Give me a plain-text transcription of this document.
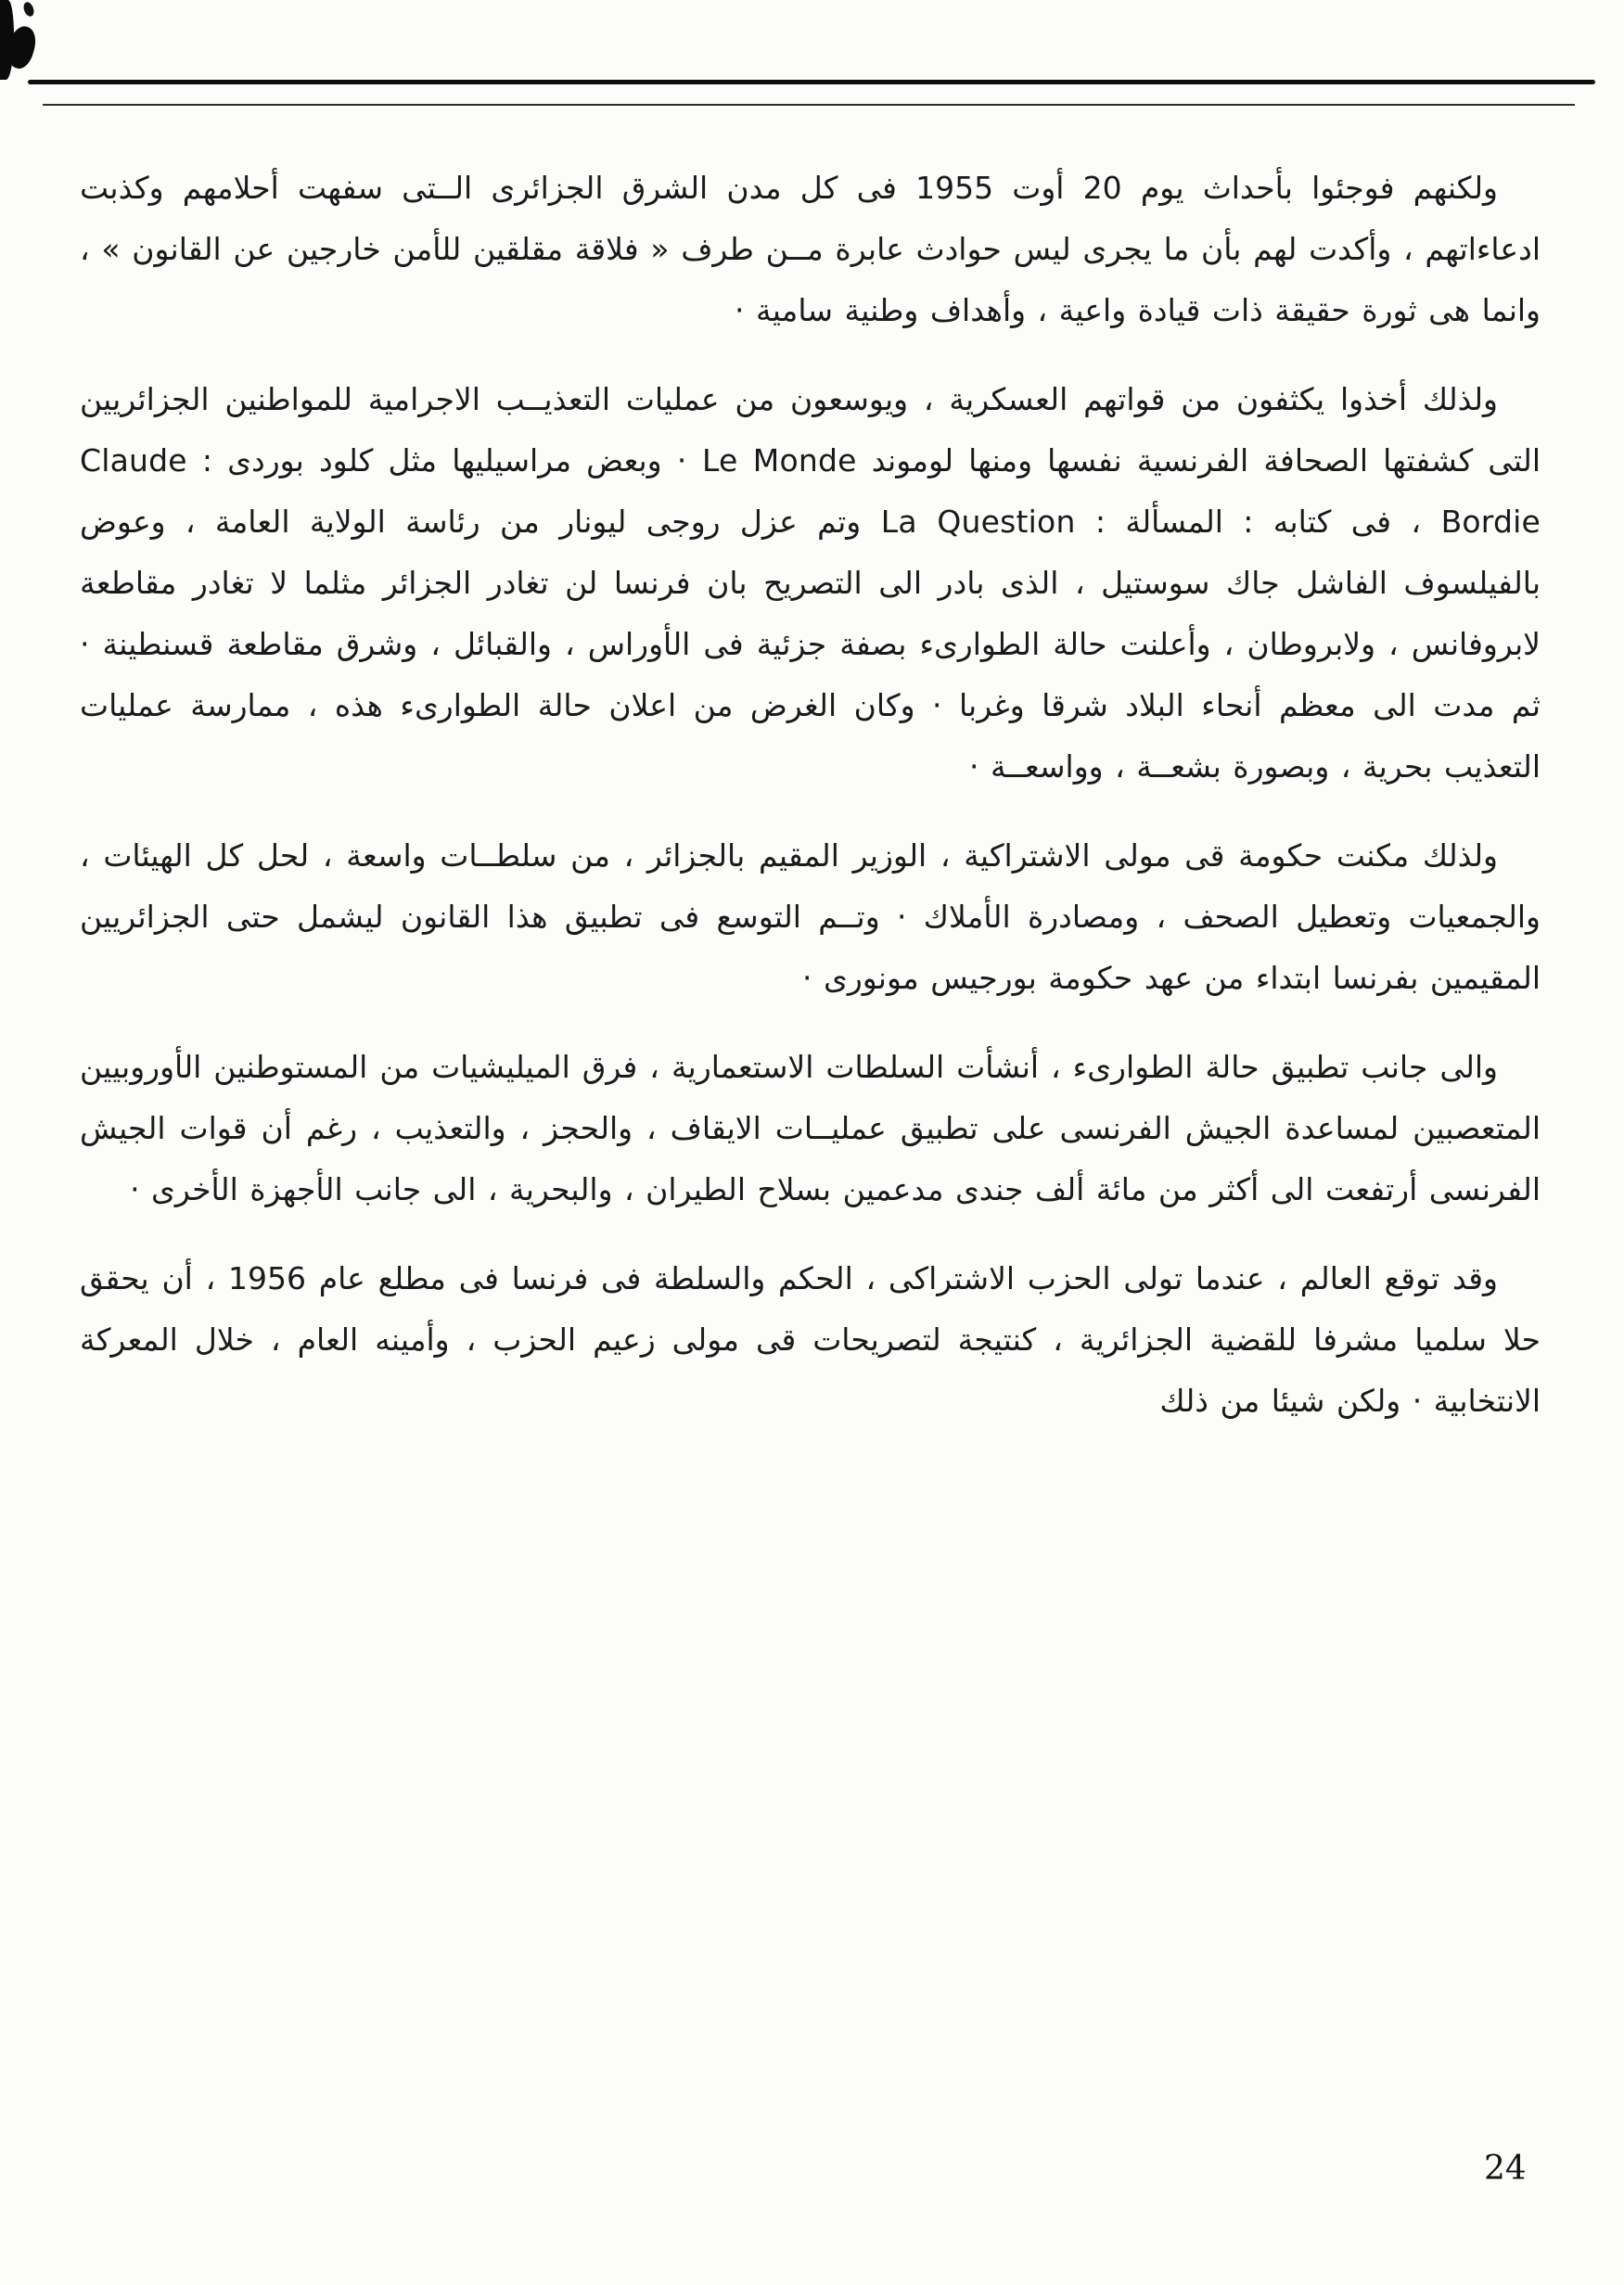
ولكنهم فوجئوا بأحداث يوم 20 أوت 1955 فى كل مدن الشرق الجزائرى الــتى سفهت أحلامهم وكذبت ادعاءاتهم ، وأكدت لهم بأن ما يجرى ليس حوادث عابرة مــن طرف « فلاقة مقلقين للأمن خارجين عن القانون » ، وانما هى ثورة حقيقة ذات قيادة واعية ، وأهداف وطنية سامية ·

ولذلك أخذوا يكثفون من قواتهم العسكرية ، ويوسعون من عمليات التعذيــب الاجرامية للمواطنين الجزائريين التى كشفتها الصحافة الفرنسية نفسها ومنها لوموند Le Monde · وبعض مراسيليها مثل كلود بوردى : Claude Bordie ، فى كتابه : المسألة : La Question وتم عزل روجى ليونار من رئاسة الولاية العامة ، وعوض بالفيلسوف الفاشل جاك سوستيل ، الذى بادر الى التصريح بان فرنسا لن تغادر الجزائر مثلما لا تغادر مقاطعة لابروفانس ، ولابروطان ، وأعلنت حالة الطوارىء بصفة جزئية فى الأوراس ، والقبائل ، وشرق مقاطعة قسنطينة · ثم مدت الى معظم أنحاء البلاد شرقا وغربا · وكان الغرض من اعلان حالة الطوارىء هذه ، ممارسة عمليات التعذيب بحرية ، وبصورة بشعــة ، وواسعــة ·

ولذلك مكنت حكومة قى مولى الاشتراكية ، الوزير المقيم بالجزائر ، من سلطــات واسعة ، لحل كل الهيئات ، والجمعيات وتعطيل الصحف ، ومصادرة الأملاك · وتــم التوسع فى تطبيق هذا القانون ليشمل حتى الجزائريين المقيمين بفرنسا ابتداء من عهد حكومة بورجيس مونورى ·

والى جانب تطبيق حالة الطوارىء ، أنشأت السلطات الاستعمارية ، فرق الميليشيات من المستوطنين الأوروبيين المتعصبين لمساعدة الجيش الفرنسى على تطبيق عمليــات الايقاف ، والحجز ، والتعذيب ، رغم أن قوات الجيش الفرنسى أرتفعت الى أكثر من مائة ألف جندى مدعمين بسلاح الطيران ، والبحرية ، الى جانب الأجهزة الأخرى ·

وقد توقع العالم ، عندما تولى الحزب الاشتراكى ، الحكم والسلطة فى فرنسا فى مطلع عام 1956 ، أن يحقق حلا سلميا مشرفا للقضية الجزائرية ، كنتيجة لتصريحات قى مولى زعيم الحزب ، وأمينه العام ، خلال المعركة الانتخابية · ولكن شيئا من ذلك

24
